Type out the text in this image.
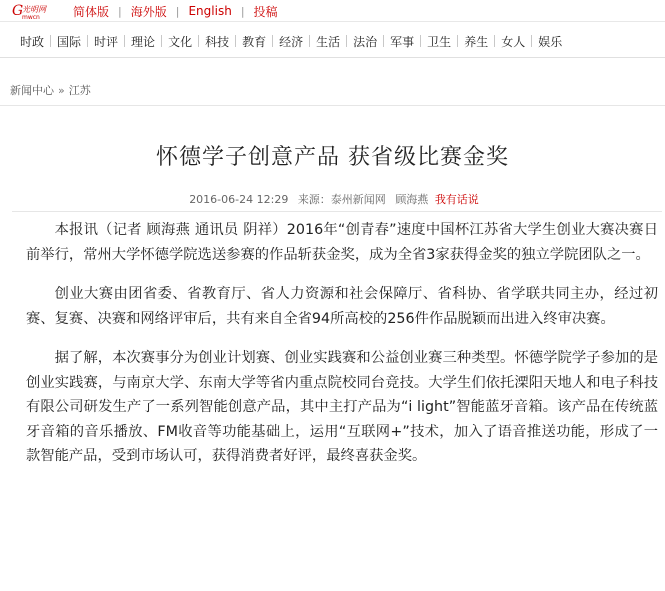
G
光明网
mwcn	简体版 | 海外版 | English | 投稿
时政	国际	时评	理论	文化	科技	教育	经济	生活	法治	军事	卫生	养生	女人	娱乐
新闻中心 » 江苏
怀德学子创意产品 获省级比赛金奖
2016-06-24 12:29 来源：泰州新闻网 顾海燕 我有话说

本报讯（记者 顾海燕 通讯员 阴祥）2016年“创青春”速度中国杯江苏省大学生创业大赛决赛日前举行，常州大学怀德学院选送参赛的作品斩获金奖，成为全省3家获得金奖的独立学院团队之一。

创业大赛由团省委、省教育厅、省人力资源和社会保障厅、省科协、省学联共同主办，经过初赛、复赛、决赛和网络评审后，共有来自全省94所高校的256件作品脱颖而出进入终审决赛。

据了解，本次赛事分为创业计划赛、创业实践赛和公益创业赛三种类型。怀德学院学子参加的是创业实践赛，与南京大学、东南大学等省内重点院校同台竞技。大学生们依托溧阳天地人和电子科技有限公司研发生产了一系列智能创意产品，其中主打产品为“i light”智能蓝牙音箱。该产品在传统蓝牙音箱的音乐播放、FM收音等功能基础上，运用“互联网+”技术，加入了语音推送功能，形成了一款智能产品，受到市场认可，获得消费者好评，最终喜获金奖。
